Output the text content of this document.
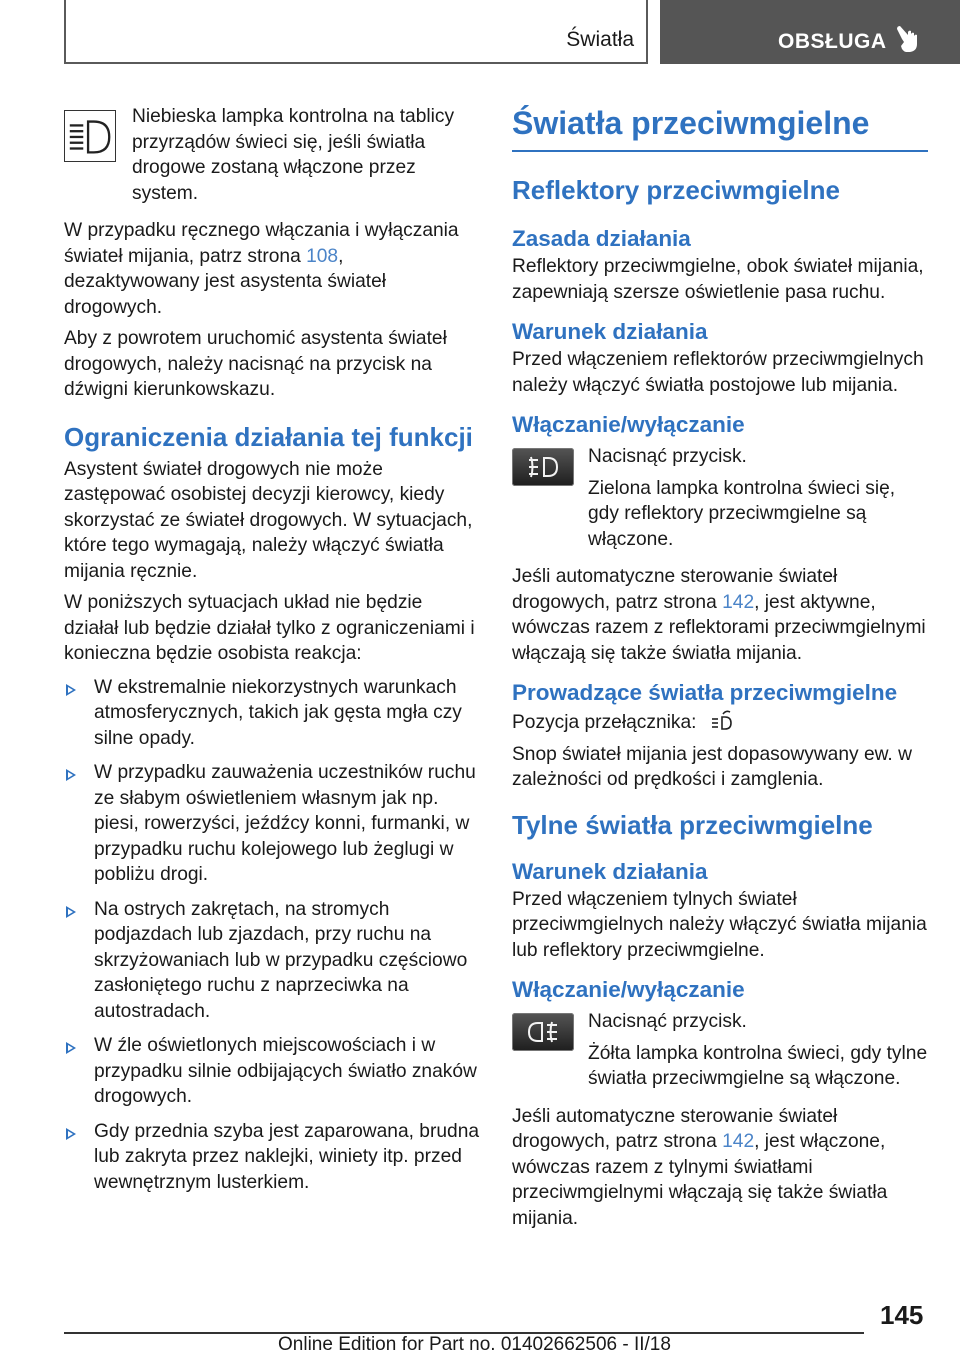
Światła	OBSŁUGA

Niebieska lampka kontrolna na tablicy przyrządów świeci się, jeśli światła drogowe zostaną włączone przez system.

W przypadku ręcznego włączania i wyłączania świateł mijania, patrz strona 108, dezaktywowany jest asystenta świateł drogowych.

Aby z powrotem uruchomić asystenta świateł drogowych, należy nacisnąć na przycisk na dźwigni kierunkowskazu.

Ograniczenia działania tej funkcji

Asystent świateł drogowych nie może zastępować osobistej decyzji kierowcy, kiedy skorzystać ze świateł drogowych. W sytuacjach, które tego wymagają, należy włączyć światła mijania ręcznie.

W poniższych sytuacjach układ nie będzie działał lub będzie działał tylko z ograniczeniami i konieczna będzie osobista reakcja:

W ekstremalnie niekorzystnych warunkach atmosferycznych, takich jak gęsta mgła czy silne opady.
W przypadku zauważenia uczestników ruchu ze słabym oświetleniem własnym jak np. piesi, rowerzyści, jeźdźcy konni, furmanki, w przypadku ruchu kolejowego lub żeglugi w pobliżu drogi.
Na ostrych zakrętach, na stromych podjazdach lub zjazdach, przy ruchu na skrzyżowaniach lub w przypadku częściowo zasłoniętego ruchu z naprzeciwka na autostradach.
W źle oświetlonych miejscowościach i w przypadku silnie odbijających światło znaków drogowych.
Gdy przednia szyba jest zaparowana, brudna lub zakryta przez naklejki, winiety itp. przed wewnętrznym lusterkiem.
Światła przeciwmgielne
Reflektory przeciwmgielne
Zasada działania

Reflektory przeciwmgielne, obok świateł mijania, zapewniają szersze oświetlenie pasa ruchu.

Warunek działania

Przed włączeniem reflektorów przeciwmgielnych należy włączyć światła postojowe lub mijania.

Włączanie/wyłączanie

Nacisnąć przycisk.

Zielona lampka kontrolna świeci się, gdy reflektory przeciwmgielne są włączone.

Jeśli automatyczne sterowanie świateł drogowych, patrz strona 142, jest aktywne, wówczas razem z reflektorami przeciwmgielnymi włączają się także światła mijania.

Prowadzące światła przeciwmgielne

Pozycja przełącznika:

Snop świateł mijania jest dopasowywany ew. w zależności od prędkości i zamglenia.

Tylne światła przeciwmgielne
Warunek działania

Przed włączeniem tylnych świateł przeciwmgielnych należy włączyć światła mijania lub reflektory przeciwmgielne.

Włączanie/wyłączanie

Nacisnąć przycisk.

Żółta lampka kontrolna świeci, gdy tylne światła przeciwmgielne są włączone.

Jeśli automatyczne sterowanie świateł drogowych, patrz strona 142, jest włączone, wówczas razem z tylnymi światłami przeciwmgielnymi włączają się także światła mijania.

145
Online Edition for Part no. 01402662506 - II/18
